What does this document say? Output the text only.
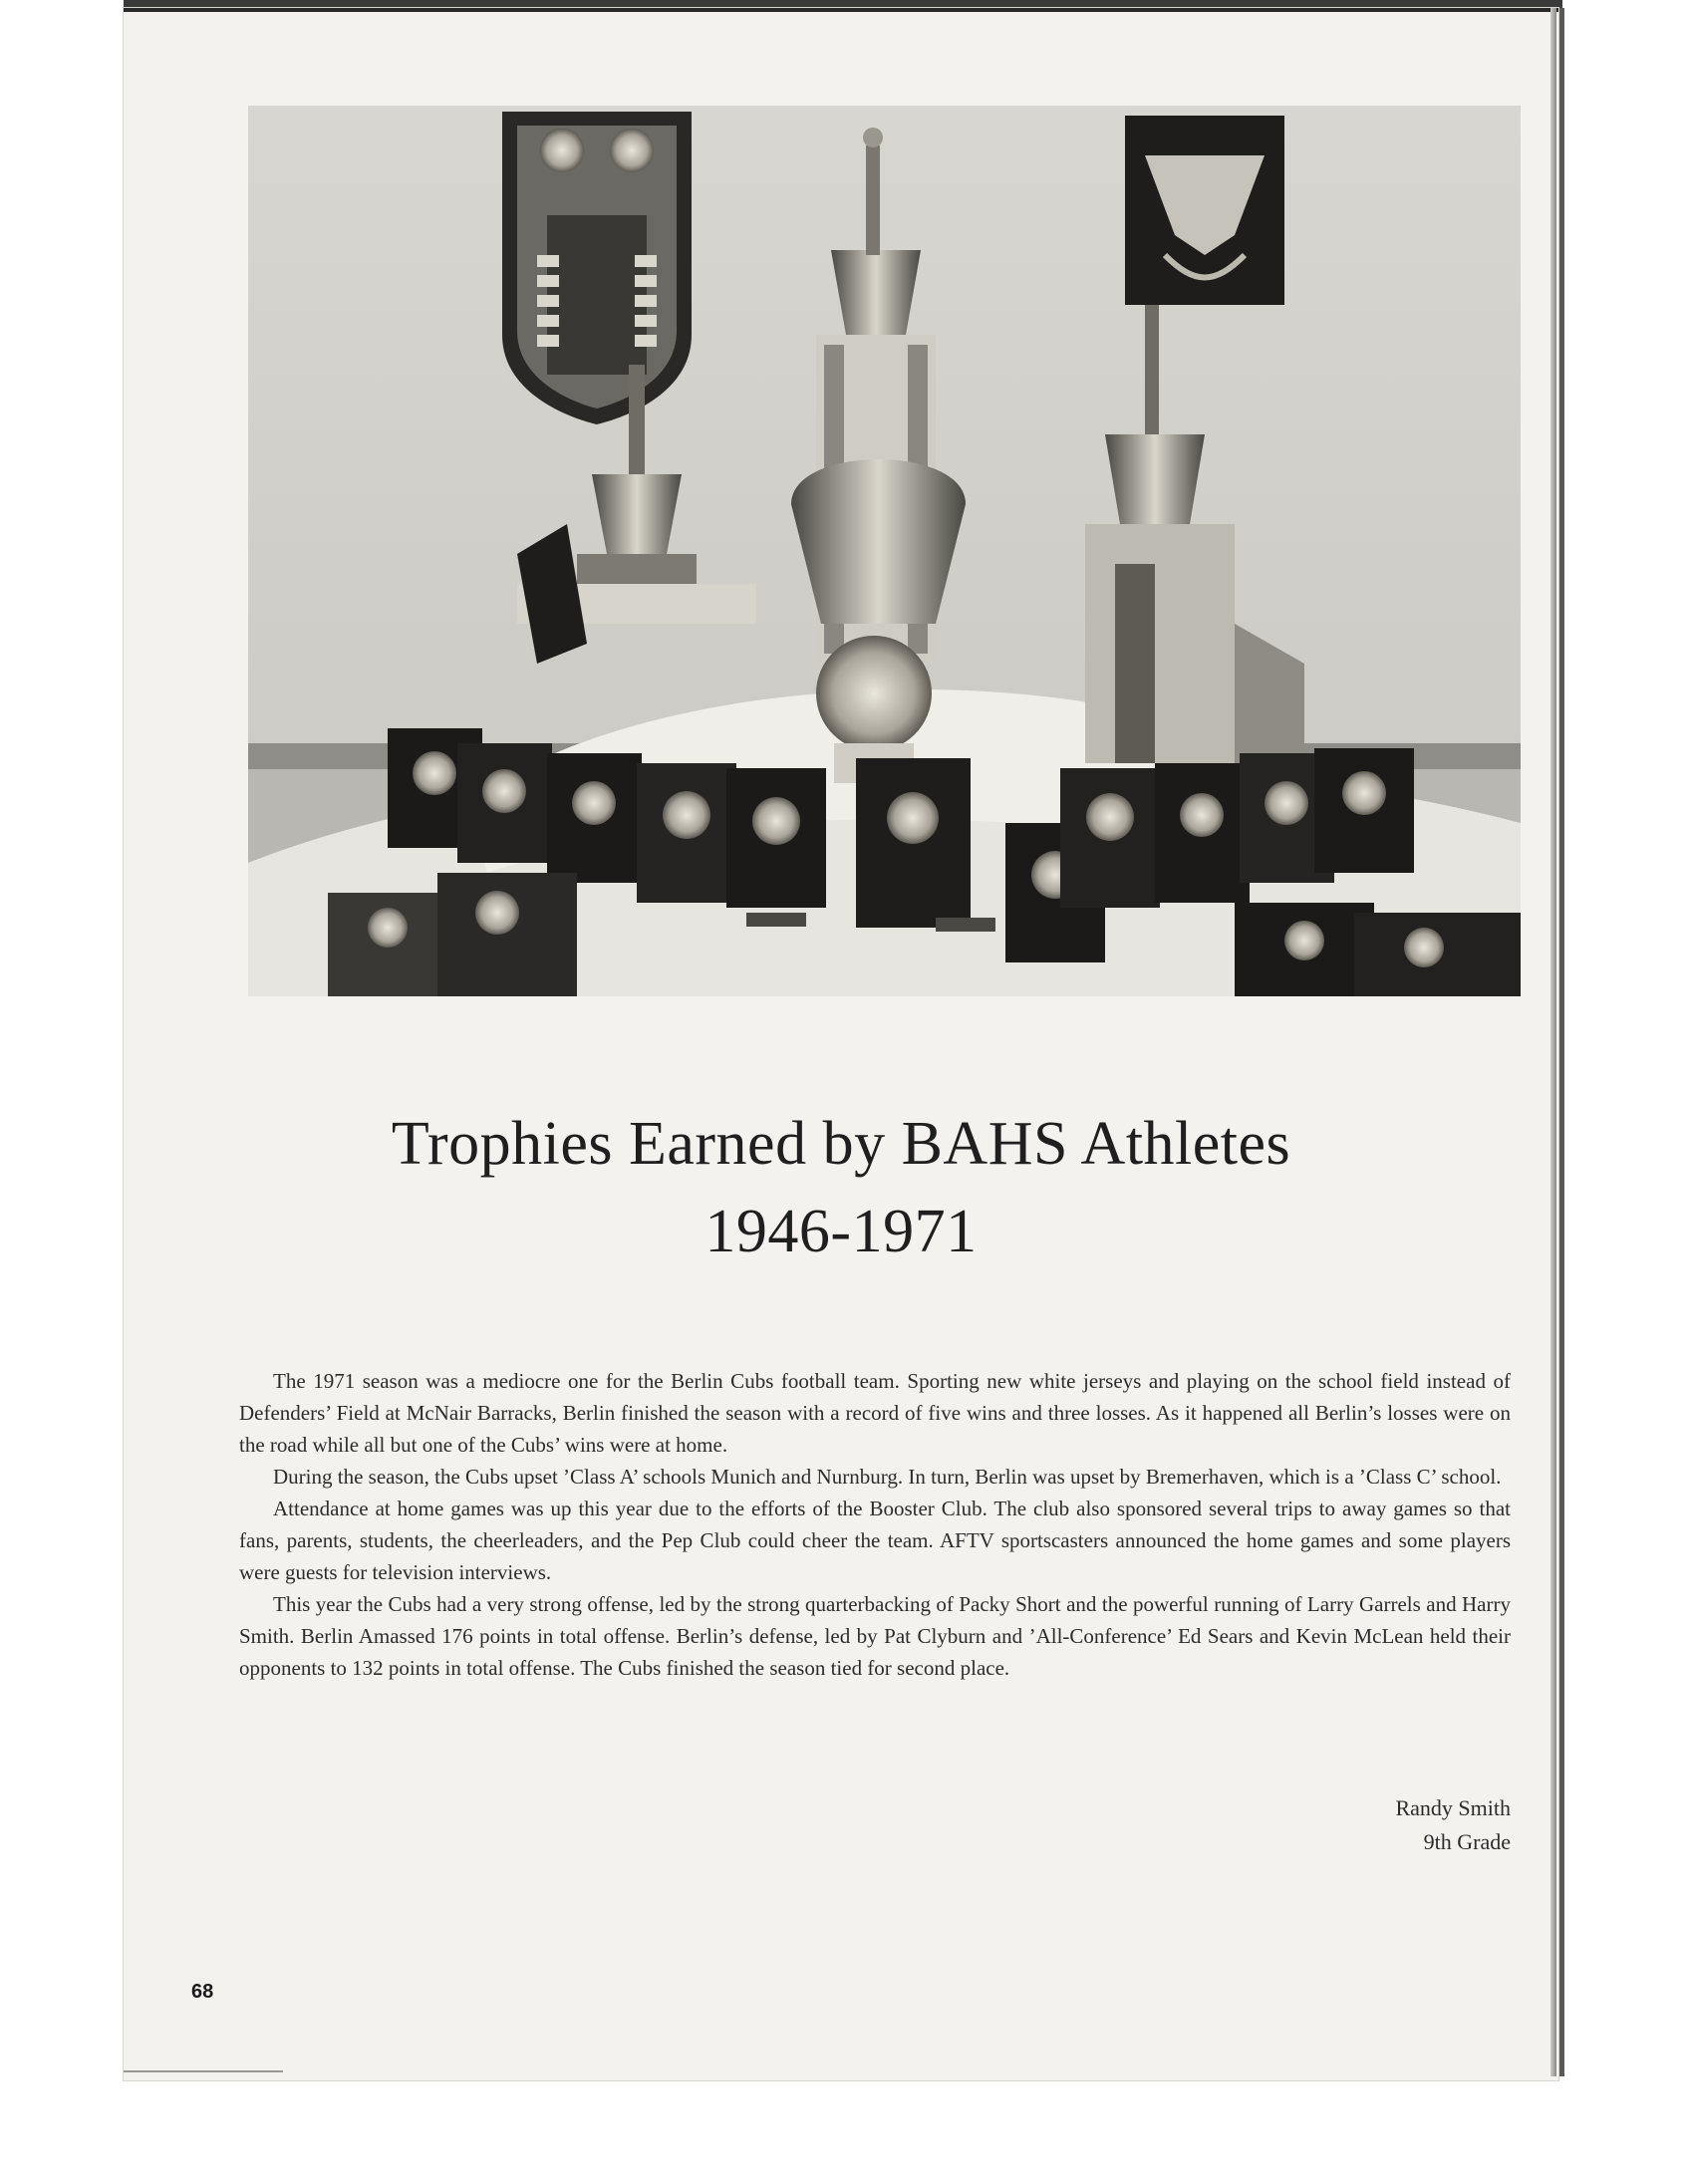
Trophies Earned by BAHS Athletes
1946-1971

The 1971 season was a mediocre one for the Berlin Cubs football team. Sporting new white jerseys and playing on the school field instead of Defenders’ Field at McNair Barracks, Berlin finished the season with a record of five wins and three losses. As it happened all Berlin’s losses were on the road while all but one of the Cubs’ wins were at home.

During the season, the Cubs upset ’Class A’ schools Munich and Nurnburg. In turn, Berlin was upset by Bremerhaven, which is a ’Class C’ school.

Attendance at home games was up this year due to the efforts of the Booster Club. The club also sponsored several trips to away games so that fans, parents, students, the cheerleaders, and the Pep Club could cheer the team. AFTV sportscasters announced the home games and some players were guests for television interviews.

This year the Cubs had a very strong offense, led by the strong quarterbacking of Packy Short and the powerful running of Larry Garrels and Harry Smith. Berlin Amassed 176 points in total offense. Berlin’s defense, led by Pat Clyburn and ’All-Conference’ Ed Sears and Kevin McLean held their opponents to 132 points in total offense. The Cubs finished the season tied for second place.

Randy Smith
9th Grade
68
